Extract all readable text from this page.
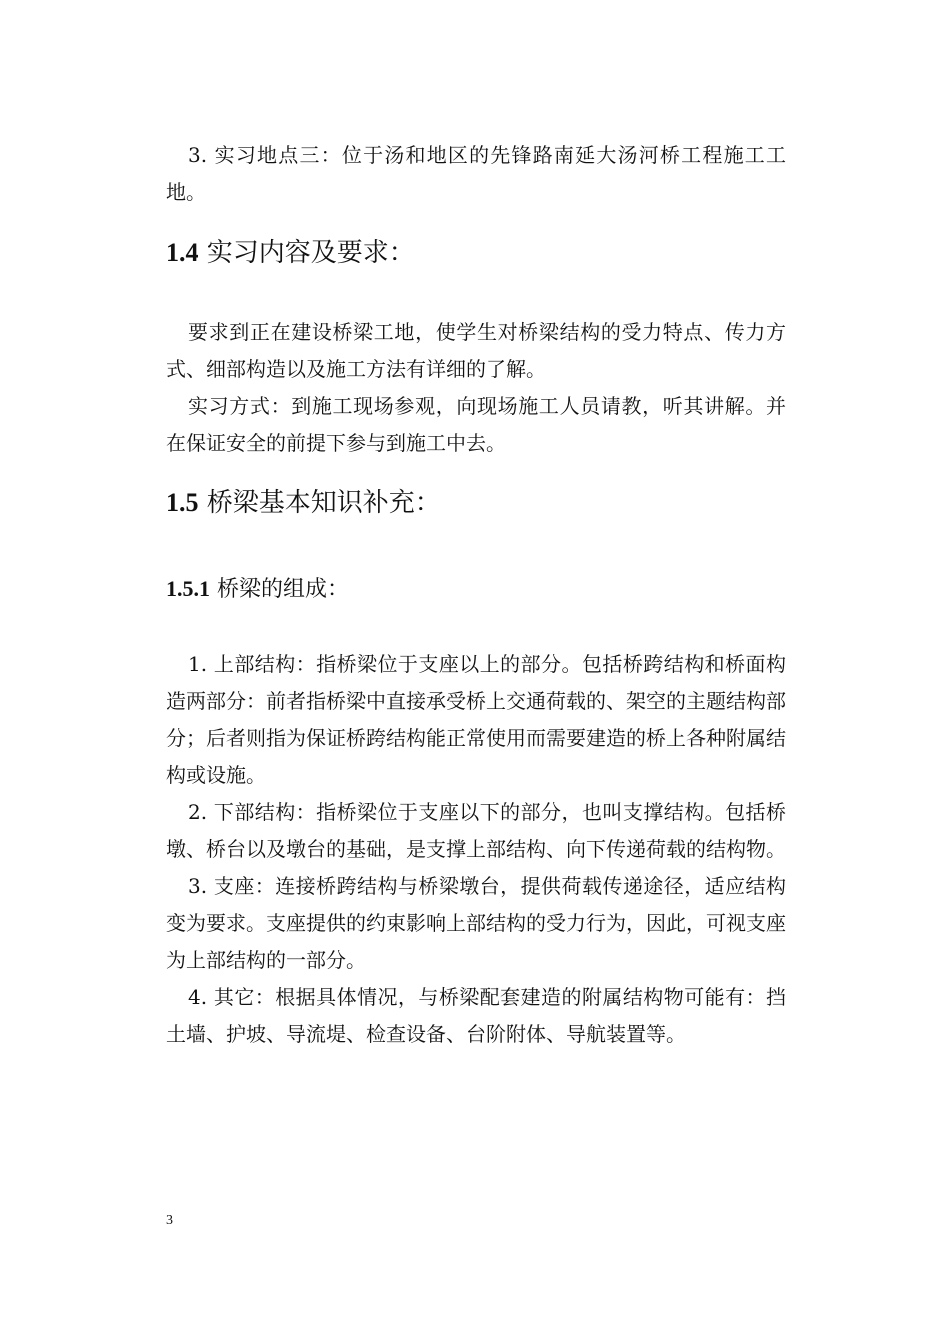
3. 实习地点三：位于汤和地区的先锋路南延大汤河桥工程施工工地。

1.4 实习内容及要求：

要求到正在建设桥梁工地，使学生对桥梁结构的受力特点、传力方式、细部构造以及施工方法有详细的了解。

实习方式：到施工现场参观，向现场施工人员请教，听其讲解。并在保证安全的前提下参与到施工中去。

1.5 桥梁基本知识补充：
1.5.1 桥梁的组成：

1. 上部结构：指桥梁位于支座以上的部分。包括桥跨结构和桥面构造两部分：前者指桥梁中直接承受桥上交通荷载的、架空的主题结构部分；后者则指为保证桥跨结构能正常使用而需要建造的桥上各种附属结构或设施。

2. 下部结构：指桥梁位于支座以下的部分，也叫支撑结构。包括桥墩、桥台以及墩台的基础，是支撑上部结构、向下传递荷载的结构物。

3. 支座：连接桥跨结构与桥梁墩台，提供荷载传递途径，适应结构变为要求。支座提供的约束影响上部结构的受力行为，因此，可视支座为上部结构的一部分。

4. 其它：根据具体情况，与桥梁配套建造的附属结构物可能有：挡土墙、护坡、导流堤、检查设备、台阶附体、导航装置等。

3
